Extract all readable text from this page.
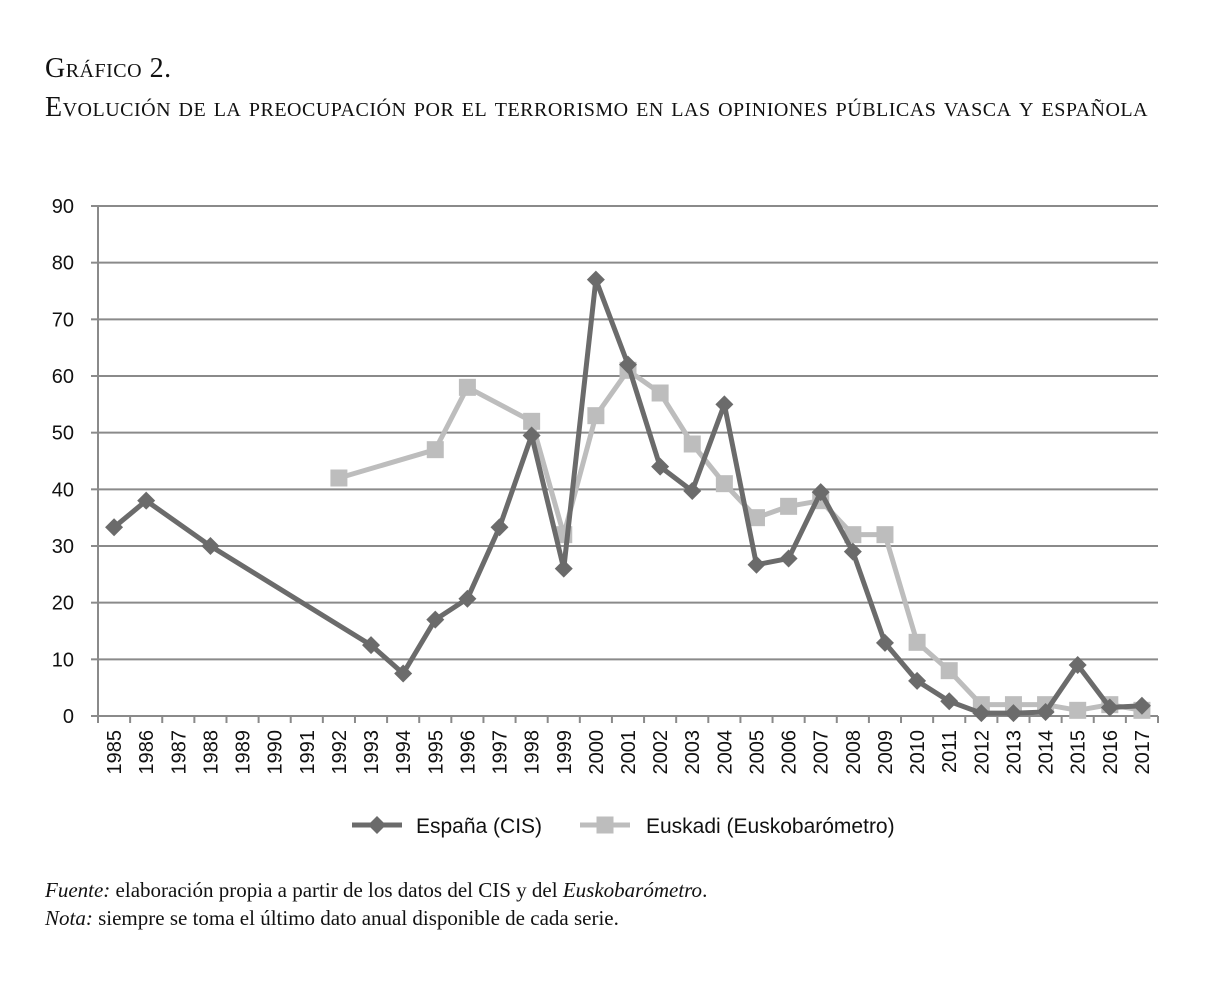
Gráfico 2.
Evolución de la preocupación por el terrorismo en las opiniones públicas vasca y española
0
10
20
30
40
50
60
70
80
90
1985 1986 1987 1988 1989 1990 1991 1992 1993 1994 1995 1996 1997 1998 1999 2000 2001 2002 2003 2004 2005 2006 2007 2008 2009 2010 2011 2012 2013 2014 2015 2016 2017
España (CIS)	Euskadi (Euskobarómetro)
Fuente: elaboración propia a partir de los datos del CIS y del Euskobarómetro.
Nota: siempre se toma el último dato anual disponible de cada serie.
